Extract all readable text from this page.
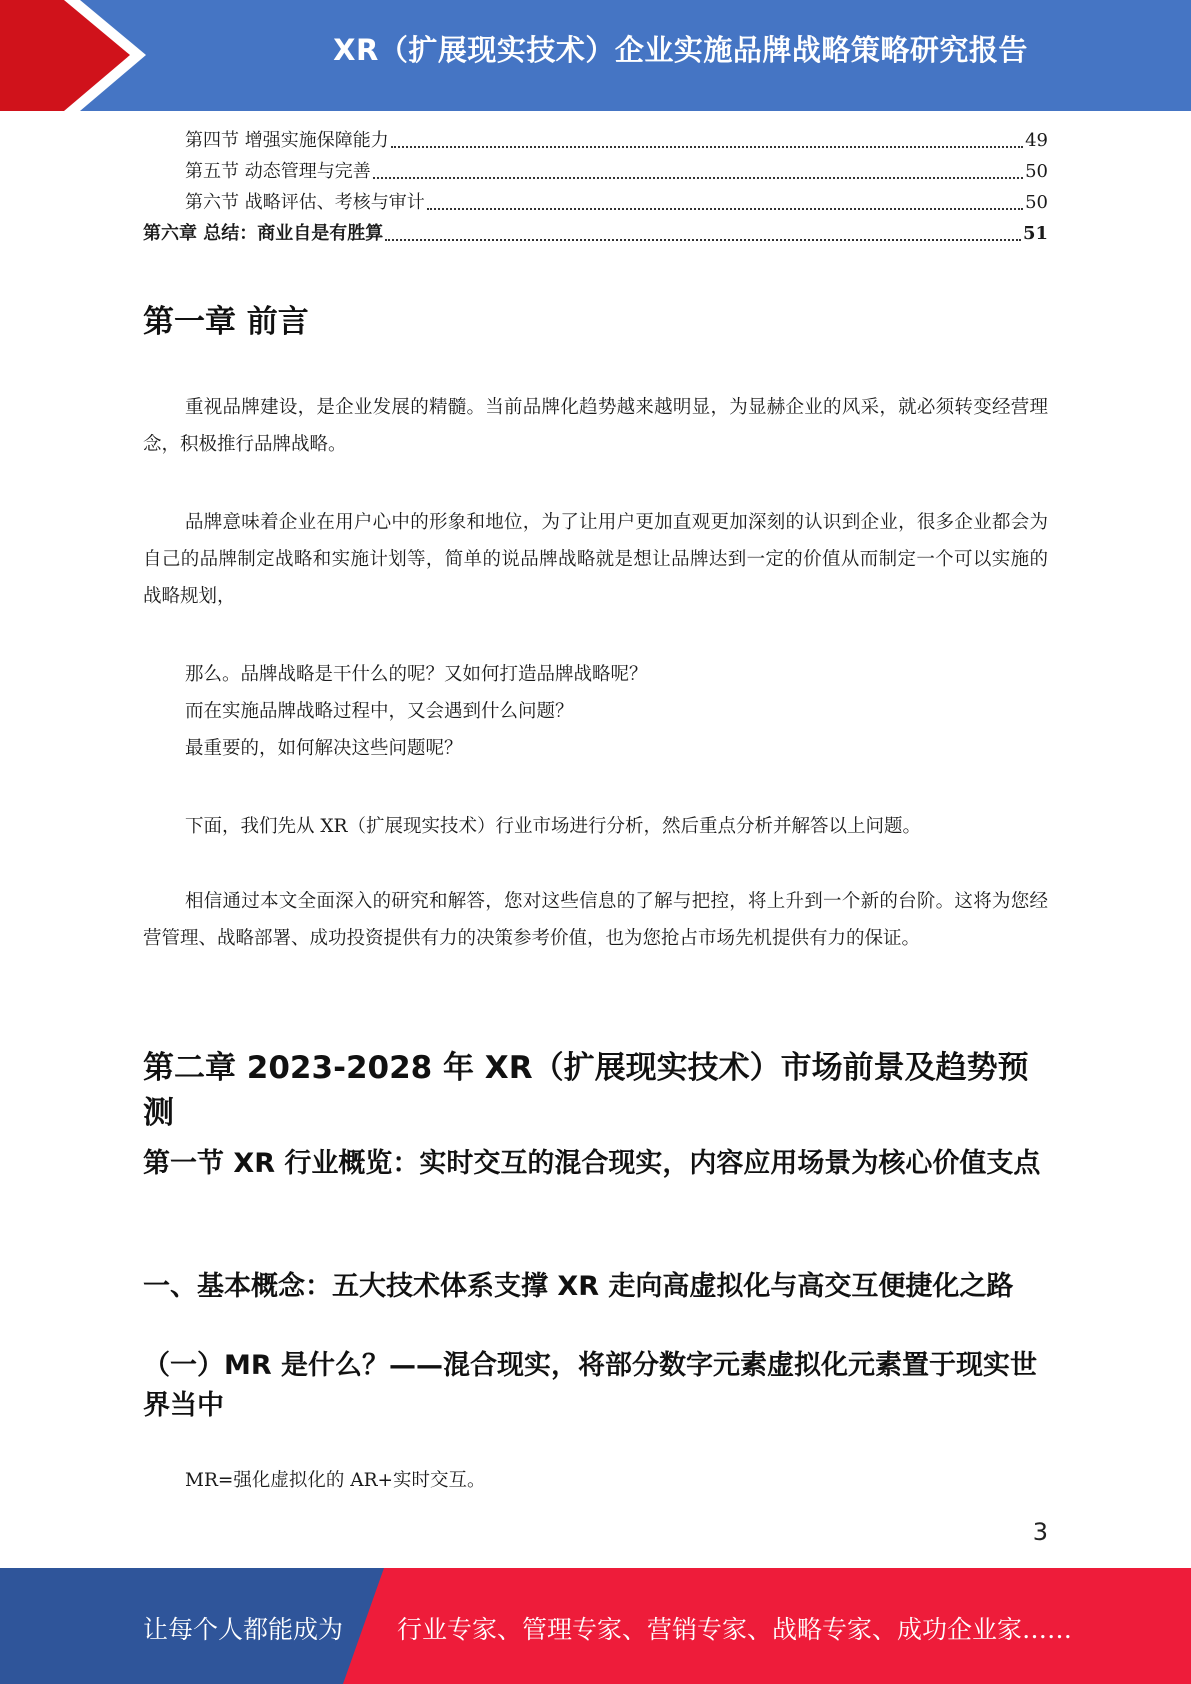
XR（扩展现实技术）企业实施品牌战略策略研究报告
第四节 增强实施保障能力	49
第五节 动态管理与完善	50
第六节 战略评估、考核与审计	50
第六章 总结：商业自是有胜算	51
第一章 前言

重视品牌建设，是企业发展的精髓。当前品牌化趋势越来越明显，为显赫企业的风采，就必须转变经营理念，积极推行品牌战略。

品牌意味着企业在用户心中的形象和地位，为了让用户更加直观更加深刻的认识到企业，很多企业都会为自己的品牌制定战略和实施计划等，简单的说品牌战略就是想让品牌达到一定的价值从而制定一个可以实施的战略规划，

那么。品牌战略是干什么的呢？又如何打造品牌战略呢？

而在实施品牌战略过程中，又会遇到什么问题？

最重要的，如何解决这些问题呢？

下面，我们先从 XR（扩展现实技术）行业市场进行分析，然后重点分析并解答以上问题。

相信通过本文全面深入的研究和解答，您对这些信息的了解与把控，将上升到一个新的台阶。这将为您经营管理、战略部署、成功投资提供有力的决策参考价值，也为您抢占市场先机提供有力的保证。

第二章 2023-2028 年 XR（扩展现实技术）市场前景及趋势预测
第一节 XR 行业概览：实时交互的混合现实，内容应用场景为核心价值支点
一、基本概念：五大技术体系支撑 XR 走向高虚拟化与高交互便捷化之路
（一）MR 是什么？——混合现实，将部分数字元素虚拟化元素置于现实世界当中

MR=强化虚拟化的 AR+实时交互。

3
让每个人都能成为 行业专家、管理专家、营销专家、战略专家、成功企业家……
